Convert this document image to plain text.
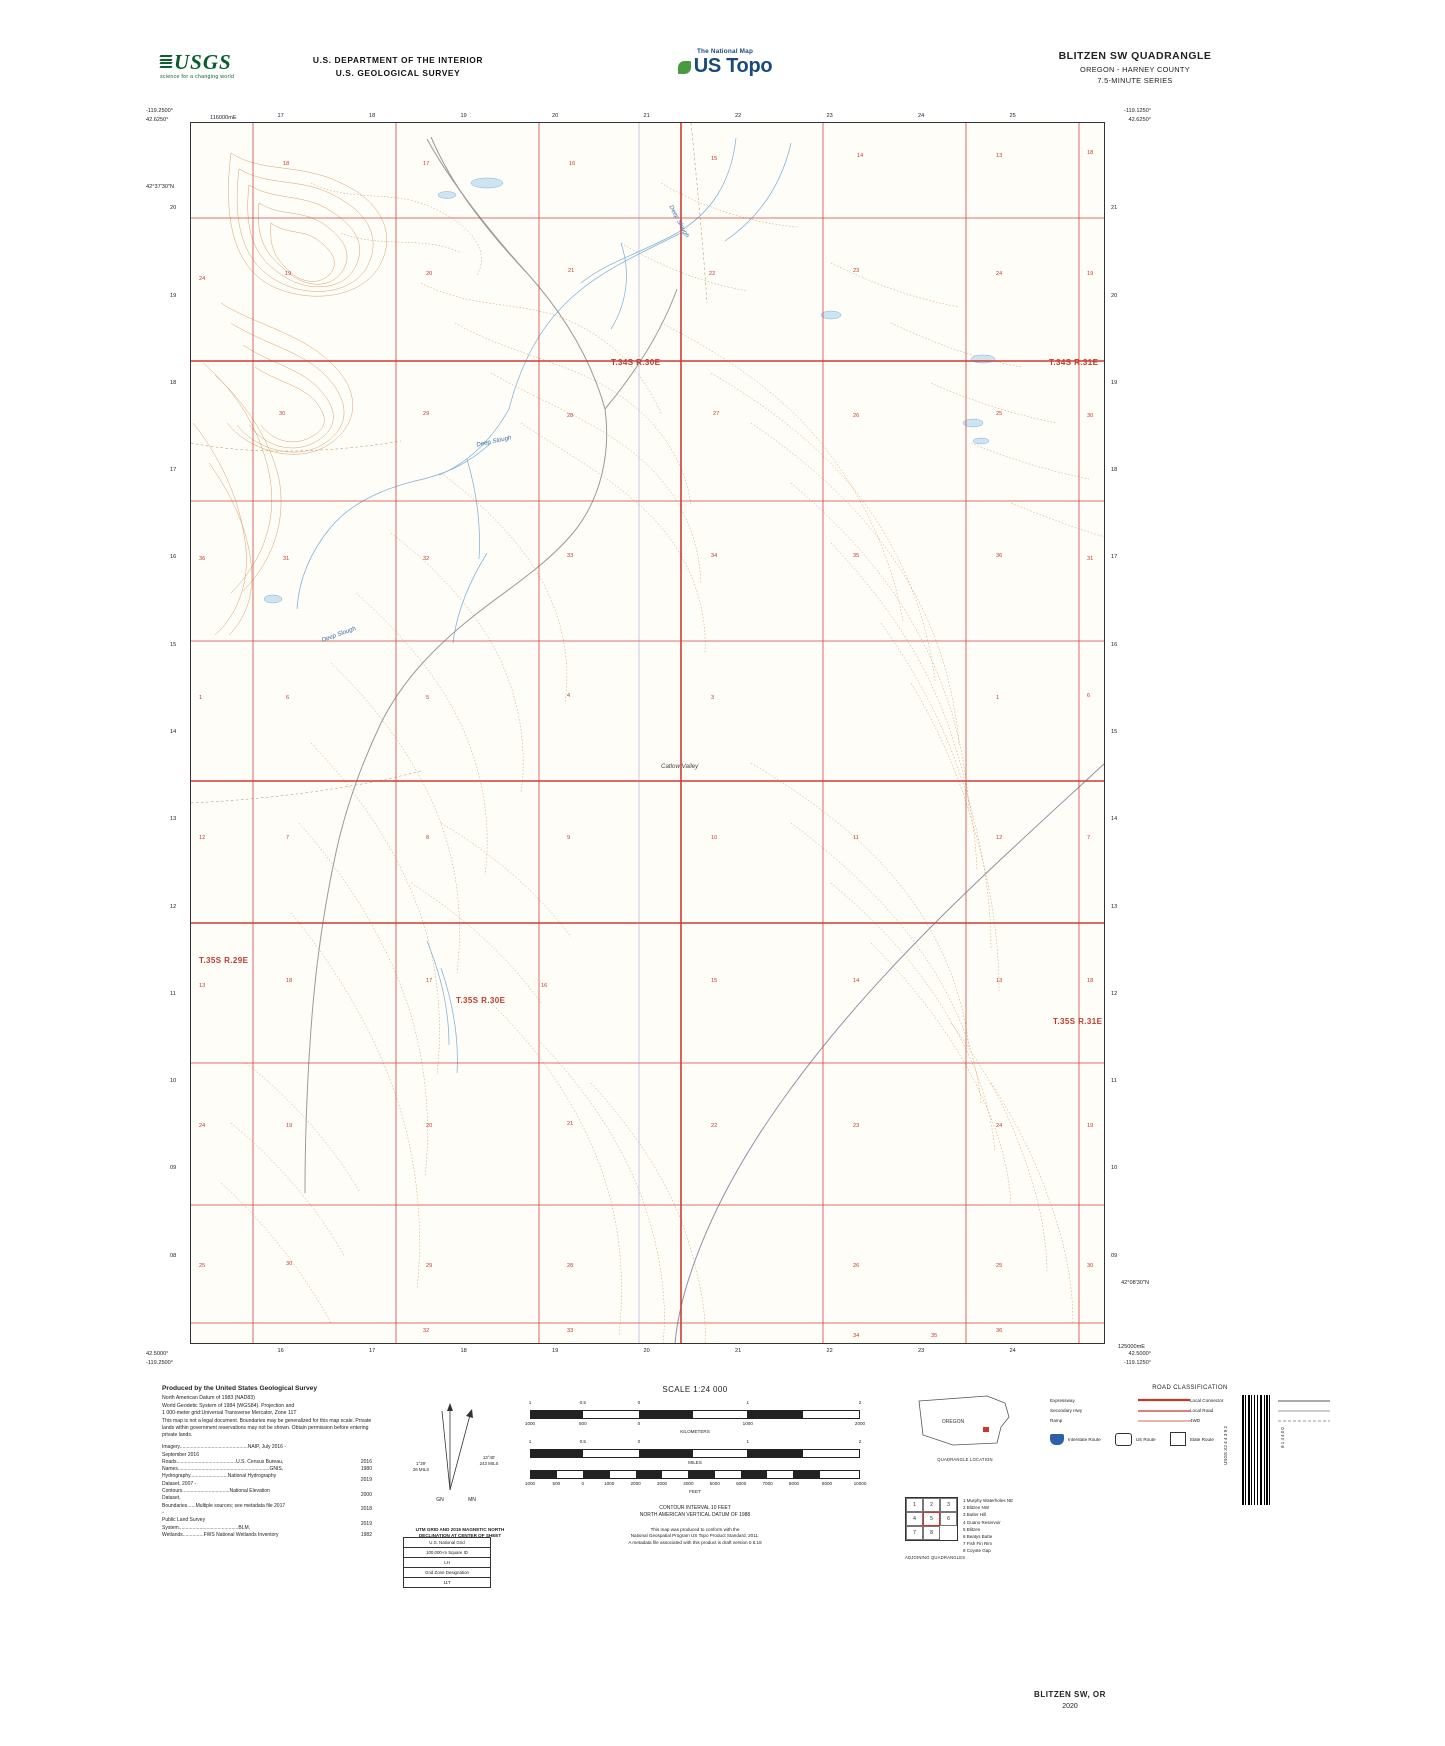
USGS
science for a changing world
U.S. DEPARTMENT OF THE INTERIOR
U.S. GEOLOGICAL SURVEY
The National Map
US Topo	BLITZEN SW QUADRANGLE
OREGON - HARNEY COUNTY
7.5-MINUTE SERIES
-119.2500°
42.6250°	116000mE
-119.1250°
42.6250°
42.5000°
-119.2500°
42.5000°
-119.1250°
42°37'30"N
42°08'30"N
125000mE
18	17	16
15	14	13	18
24
19	20	21	22	23	24	19
30	29	28	27	26	25	30
36	31	32	33	34	35	36	31
1	6	5	4	3	1	6
12	7	8	9	10	11	12	7
13
18	17
16
15	14	13	18
24	19	20	21	22	23	24	19
25	30	29	28	26	25	30
32	33
34	35
36
T.34S R.30E	T.34S R.31E
T.35S R.29E
T.35S R.30E
T.35S R.31E
Deep Slough
Deep Slough
Deep Slough
Catlow Valley
17	18	19	20	21	22	23	24	25
16	17	18	19	20	21	22	23	24
20
19
18
17
16
15
14
13
12
11
10
09
08
21
20
19
18
17
16
15
14
13
12
11
10
09
Produced by the United States Geological Survey
North American Datum of 1983 (NAD83)
World Geodetic System of 1984 (WGS84). Projection and
1 000-meter grid:Universal Transverse Mercator, Zone 11T

This map is not a legal document. Boundaries may be generalized for this map scale. Private lands within government reservations may not be shown. Obtain permission before entering private lands.

Imagery.................................................NAIP, July 2016 - September 2016	
Roads...........................................U.S. Census Bureau,	2016
Names..................................................................GNIS,	1980
Hydrography...........................National Hydrography Dataset, 2007 -	2019
Contours..................................National Elevation Dataset,	2000
Boundaries......Multiple sources; see metadata file 2017 -	2018
Public Land Survey System...........................................BLM,	2019
Wetlands...............FWS National Wetlands Inventory	1982
GN	MN
1°29'
26 MILS
13°40'
243 MILS
UTM GRID AND 2019 MAGNETIC NORTH
DECLINATION AT CENTER OF SHEET
U.S. National Grid
100,000-m Square ID
LH
Grid Zone Designation
11T
SCALE 1:24 000
1	0.5	0	1	2
1000	500	0	1000	2000
KILOMETERS
1	0.5	0	1	2
MILES
1000	500	0	1000	2000	3000	4000	5000	6000	7000	8000	9000	10000
FEET
CONTOUR INTERVAL 10 FEET
NORTH AMERICAN VERTICAL DATUM OF 1988
This map was produced to conform with the
National Geospatial Program US Topo Product Standard, 2011.
A metadata file associated with this product is draft version 0.6.18
OREGON
QUADRANGLE LOCATION
1	2	3
4	5	6
7	8
1 Murphy Waterholes NE
2 Blitzen NW
3 Butler Hill
4 Guano Reservoir
5 Blitzen
6 Beatys Butte
7 Fish Fin Rim
8 Coyote Gap
ADJOINING QUADRANGLES
ROAD CLASSIFICATION
Expressway
Secondary Hwy
Ramp
Local Connector
Local Road
4WD
Interstate Route	US Route	State Route USGS X2 4 4 3 9 2	8 1 4 4 0 0
BLITZEN SW, OR
2020
